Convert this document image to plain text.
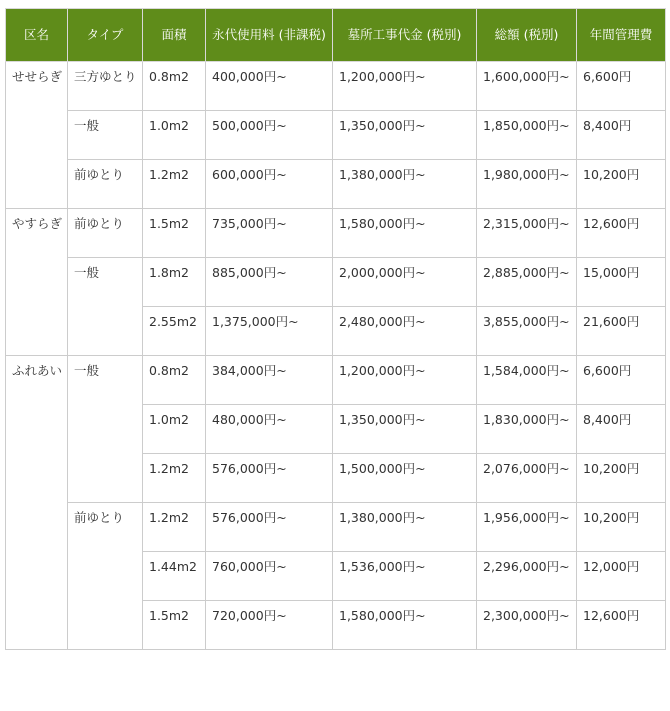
区名	タイプ	面積	永代使用料 (非課税)	墓所工事代金 (税別)	総額 (税別)	年間管理費
せせらぎ	三方ゆとり	0.8m2	400,000円~	1,200,000円~	1,600,000円~	6,600円
	一般	1.0m2	500,000円~	1,350,000円~	1,850,000円~	8,400円
	前ゆとり	1.2m2	600,000円~	1,380,000円~	1,980,000円~	10,200円
やすらぎ	前ゆとり	1.5m2	735,000円~	1,580,000円~	2,315,000円~	12,600円
	一般	1.8m2	885,000円~	2,000,000円~	2,885,000円~	15,000円
		2.55m2	1,375,000円~	2,480,000円~	3,855,000円~	21,600円
ふれあい	一般	0.8m2	384,000円~	1,200,000円~	1,584,000円~	6,600円
		1.0m2	480,000円~	1,350,000円~	1,830,000円~	8,400円
		1.2m2	576,000円~	1,500,000円~	2,076,000円~	10,200円
	前ゆとり	1.2m2	576,000円~	1,380,000円~	1,956,000円~	10,200円
		1.44m2	760,000円~	1,536,000円~	2,296,000円~	12,000円
		1.5m2	720,000円~	1,580,000円~	2,300,000円~	12,600円
